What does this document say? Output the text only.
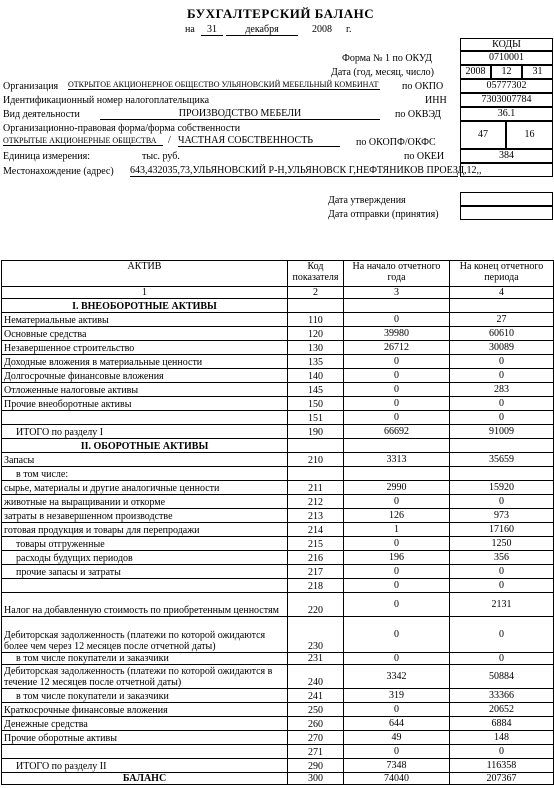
БУХГАЛТЕРСКИЙ БАЛАНС
на	31	декабря	2008 г.
КОДЫ
0710001
2008	12	31
05777302
7303007784
36.1
47	16
384
Форма № 1 по ОКУД
Дата (год, месяц, число)
Организация ОТКРЫТОЕ АКЦИОНЕРНОЕ ОБЩЕСТВО УЛЬЯНОВСКИЙ МЕБЕЛЬНЫЙ КОМБИНАТ по ОКПО
Идентификационный номер налогоплательщика	ИНН
Вид деятельности	ПРОИЗВОДСТВО МЕБЕЛИ	по ОКВЭД
Организационно-правовая форма/форма собственности
ОТКРЫТЫЕ АКЦИОНЕРНЫЕ ОБЩЕСТВА	/ ЧАСТНАЯ СОБСТВЕННОСТЬ	по ОКОПФ/ОКФС
Единица измерения:	тыс. руб.	по ОКЕИ
Местонахождение (адрес) 643,432035,73,УЛЬЯНОВСКИЙ Р-Н,УЛЬЯНОВСК Г,НЕФТЯНИКОВ ПРОЕЗД,12,,
Дата утверждения
Дата отправки (принятия)
АКТИВ	Код показателя	На начало отчетного года	На конец отчетного периода
1	2	3	4
I. ВНЕОБОРОТНЫЕ АКТИВЫ			
Нематериальные активы	110	0	27
Основные средства	120	39980	60610
Незавершенное строительство	130	26712	30089
Доходные вложения в материальные ценности	135	0	0
Долгосрочные финансовые вложения	140	0	0
Отложенные налоговые активы	145	0	283
Прочие внеоборотные активы	150	0	0
	151	0	0
ИТОГО по разделу I	190	66692	91009
II. ОБОРОТНЫЕ АКТИВЫ			
Запасы	210	3313	35659
в том числе:			
сырье, материалы и другие аналогичные ценности	211	2990	15920
животные на выращивании и откорме	212	0	0
затраты в незавершенном производстве	213	126	973
готовая продукция и товары для перепродажи	214	1	17160
товары отгруженные	215	0	1250
расходы будущих периодов	216	196	356
прочие запасы и затраты	217	0	0
	218	0	0
Налог на добавленную стоимость по приобретенным ценностям	220	0	2131
Дебиторская задолженность (платежи по которой ожидаются более чем через 12 месяцев после отчетной даты)	230	0	0
в том числе покупатели и заказчики	231	0	0
Дебиторская задолженность (платежи по которой ожидаются в течение 12 месяцев после отчетной даты)	240	3342	50884
в том числе покупатели и заказчики	241	319	33366
Краткосрочные финансовые вложения	250	0	20652
Денежные средства	260	644	6884
Прочие оборотные активы	270	49	148
	271	0	0
ИТОГО по разделу II	290	7348	116358
БАЛАНС	300	74040	207367
